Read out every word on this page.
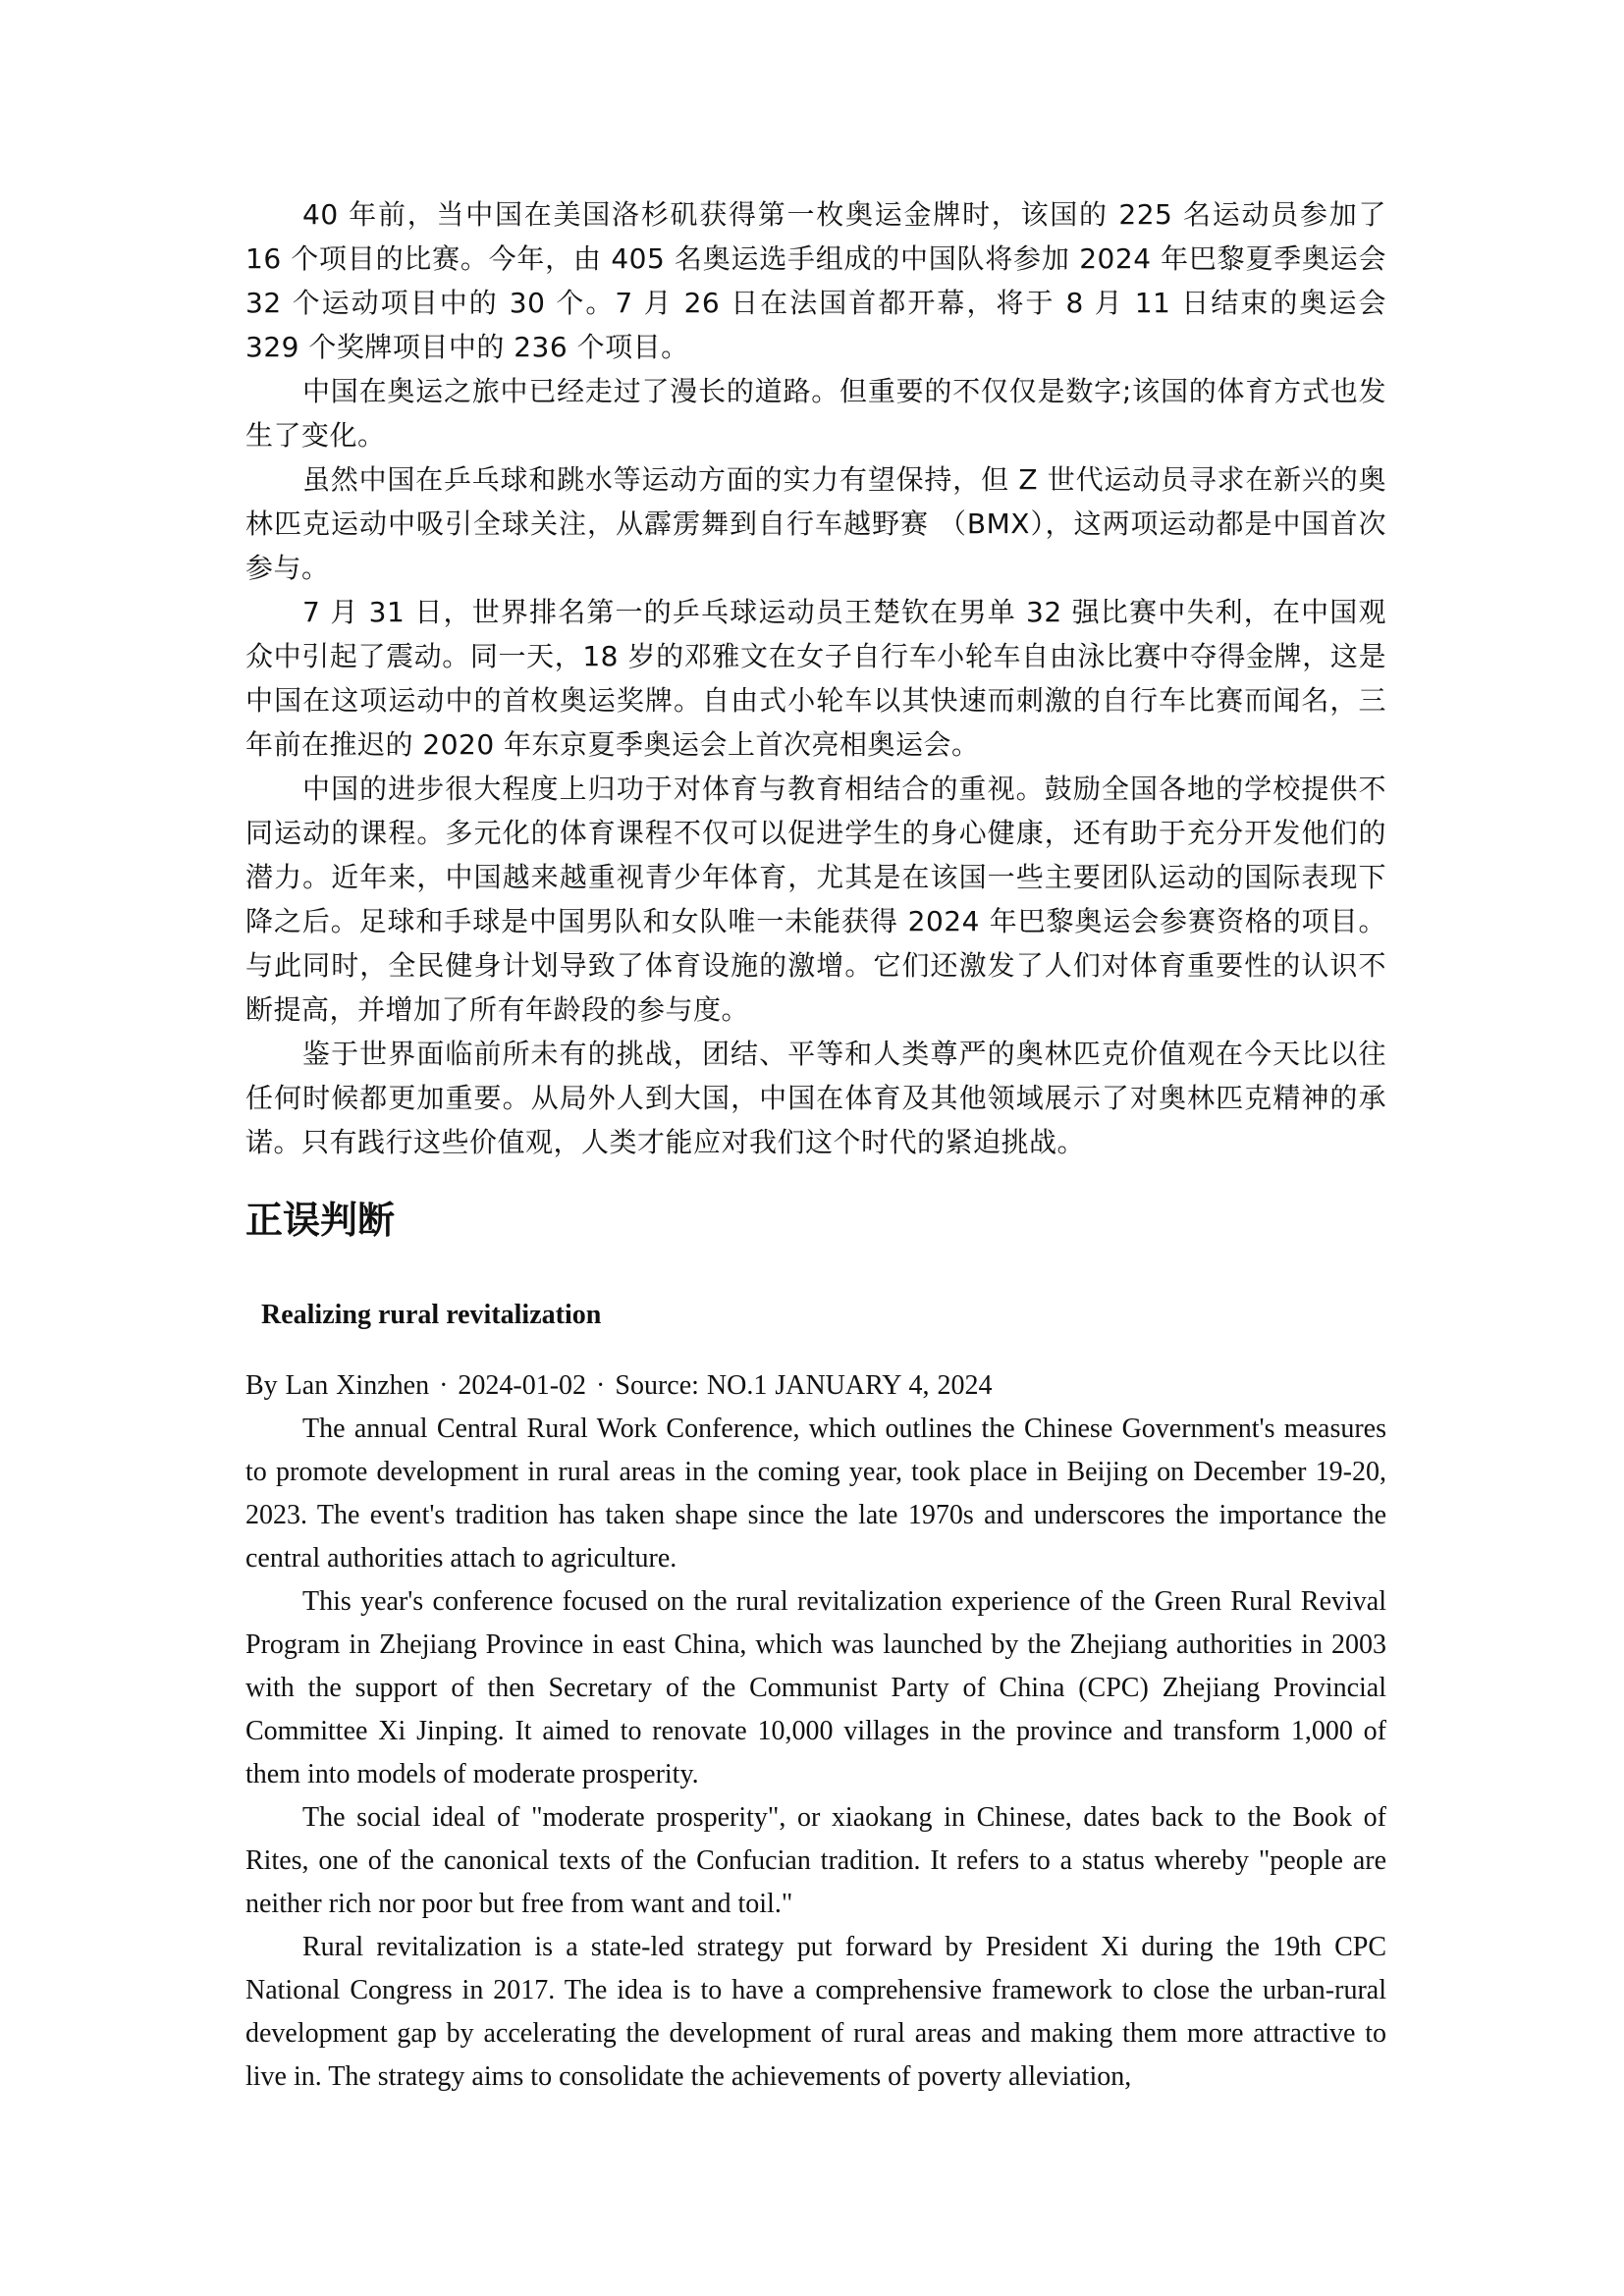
40 年前，当中国在美国洛杉矶获得第一枚奥运金牌时，该国的 225 名运动员参加了 16 个项目的比赛。今年，由 405 名奥运选手组成的中国队将参加 2024 年巴黎夏季奥运会 32 个运动项目中的 30 个。7 月 26 日在法国首都开幕，将于 8 月 11 日结束的奥运会 329 个奖牌项目中的 236 个项目。

中国在奥运之旅中已经走过了漫长的道路。但重要的不仅仅是数字;该国的体育方式也发生了变化。

虽然中国在乒乓球和跳水等运动方面的实力有望保持，但 Z 世代运动员寻求在新兴的奥林匹克运动中吸引全球关注，从霹雳舞到自行车越野赛 （BMX），这两项运动都是中国首次参与。

7 月 31 日，世界排名第一的乒乓球运动员王楚钦在男单 32 强比赛中失利，在中国观众中引起了震动。同一天，18 岁的邓雅文在女子自行车小轮车自由泳比赛中夺得金牌，这是中国在这项运动中的首枚奥运奖牌。自由式小轮车以其快速而刺激的自行车比赛而闻名，三年前在推迟的 2020 年东京夏季奥运会上首次亮相奥运会。

中国的进步很大程度上归功于对体育与教育相结合的重视。鼓励全国各地的学校提供不同运动的课程。多元化的体育课程不仅可以促进学生的身心健康，还有助于充分开发他们的潜力。近年来，中国越来越重视青少年体育，尤其是在该国一些主要团队运动的国际表现下降之后。足球和手球是中国男队和女队唯一未能获得 2024 年巴黎奥运会参赛资格的项目。与此同时，全民健身计划导致了体育设施的激增。它们还激发了人们对体育重要性的认识不断提高，并增加了所有年龄段的参与度。

鉴于世界面临前所未有的挑战，团结、平等和人类尊严的奥林匹克价值观在今天比以往任何时候都更加重要。从局外人到大国，中国在体育及其他领域展示了对奥林匹克精神的承诺。只有践行这些价值观，人类才能应对我们这个时代的紧迫挑战。

正误判断

Realizing rural revitalization

By Lan Xinzhen · 2024-01-02 · Source: NO.1 JANUARY 4, 2024

The annual Central Rural Work Conference, which outlines the Chinese Government's measures to promote development in rural areas in the coming year, took place in Beijing on December 19-20, 2023. The event's tradition has taken shape since the late 1970s and underscores the importance the central authorities attach to agriculture.

This year's conference focused on the rural revitalization experience of the Green Rural Revival Program in Zhejiang Province in east China, which was launched by the Zhejiang authorities in 2003 with the support of then Secretary of the Communist Party of China (CPC) Zhejiang Provincial Committee Xi Jinping. It aimed to renovate 10,000 villages in the province and transform 1,000 of them into models of moderate prosperity.

The social ideal of "moderate prosperity", or xiaokang in Chinese, dates back to the Book of Rites, one of the canonical texts of the Confucian tradition. It refers to a status whereby "people are neither rich nor poor but free from want and toil."

Rural revitalization is a state-led strategy put forward by President Xi during the 19th CPC National Congress in 2017. The idea is to have a comprehensive framework to close the urban-rural development gap by accelerating the development of rural areas and making them more attractive to live in. The strategy aims to consolidate the achievements of poverty alleviation,
